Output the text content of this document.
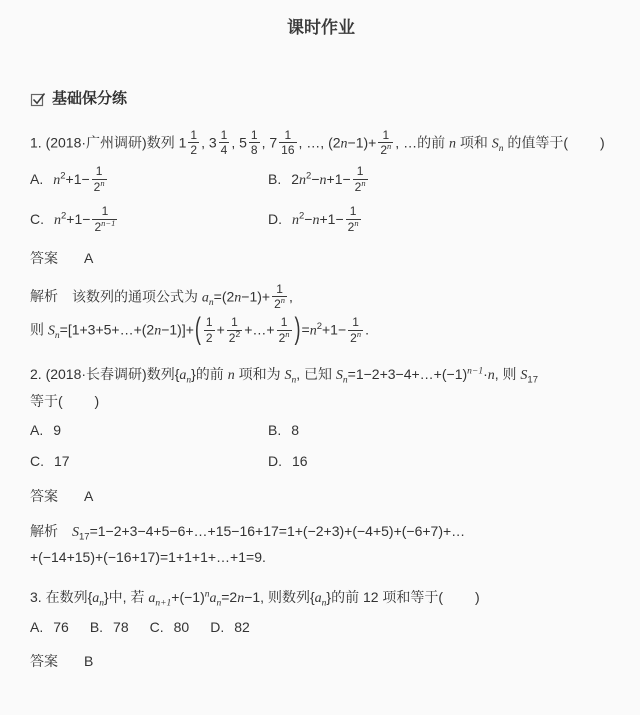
课时作业
基础保分练

1. (2018·广州调研)数列 $1 \frac{1}{2}$ , $3 \frac{1}{4}$ , $5 \frac{1}{8}$ , $7 \frac{1}{16}$ , …, $(2n-1)+ \frac{1}{2^n}$ , …的前 n 项和 $S_n$ 的值等于(　　 )

A. $n^2+1- \frac{1}{2^n}$	B. $2n^2-n+1- \frac{1}{2^n}$
C. $n^2+1- \frac{1}{2^{n-1}}$	D. $n^2-n+1- \frac{1}{2^n}$

答案 A

解析 该数列的通项公式为 $a_n=(2n-1)+ \frac{1}{2^n}$ ,

则 $S_n=[1+3+5+\dots+(2n-1)]+( \frac{1}{2} + \frac{1}{2^2}$ +…+ $\frac{1}{2^n} )=n^2+1- \frac{1}{2^n}$ .

2. (2018·长春调研)数列$\{a_n\}$的前 n 项和为 $S_n$, 已知 $S_n=1-2+3-4+\dots+(-1)^{n-1}\cdot n$, 则 $S_{17}$

等于(　　 )

A. 9	B. 8
C. 17	D. 16

答案 A

解析 $S_{17}=1-2+3-4+5-6+\dots+15-16+17=1+(-2+3)+(-4+5)+(-6+7)+\dots$

+(−14+15)+(−16+17)=1+1+1+…+1=9.

3. 在数列$\{a_n\}$中, 若 $a_{n+1}+(-1)^na_n=2n-1$, 则数列$\{a_n\}$的前 12 项和等于(　　 )

A. 76 B. 78 C. 80 D. 82

答案 B
